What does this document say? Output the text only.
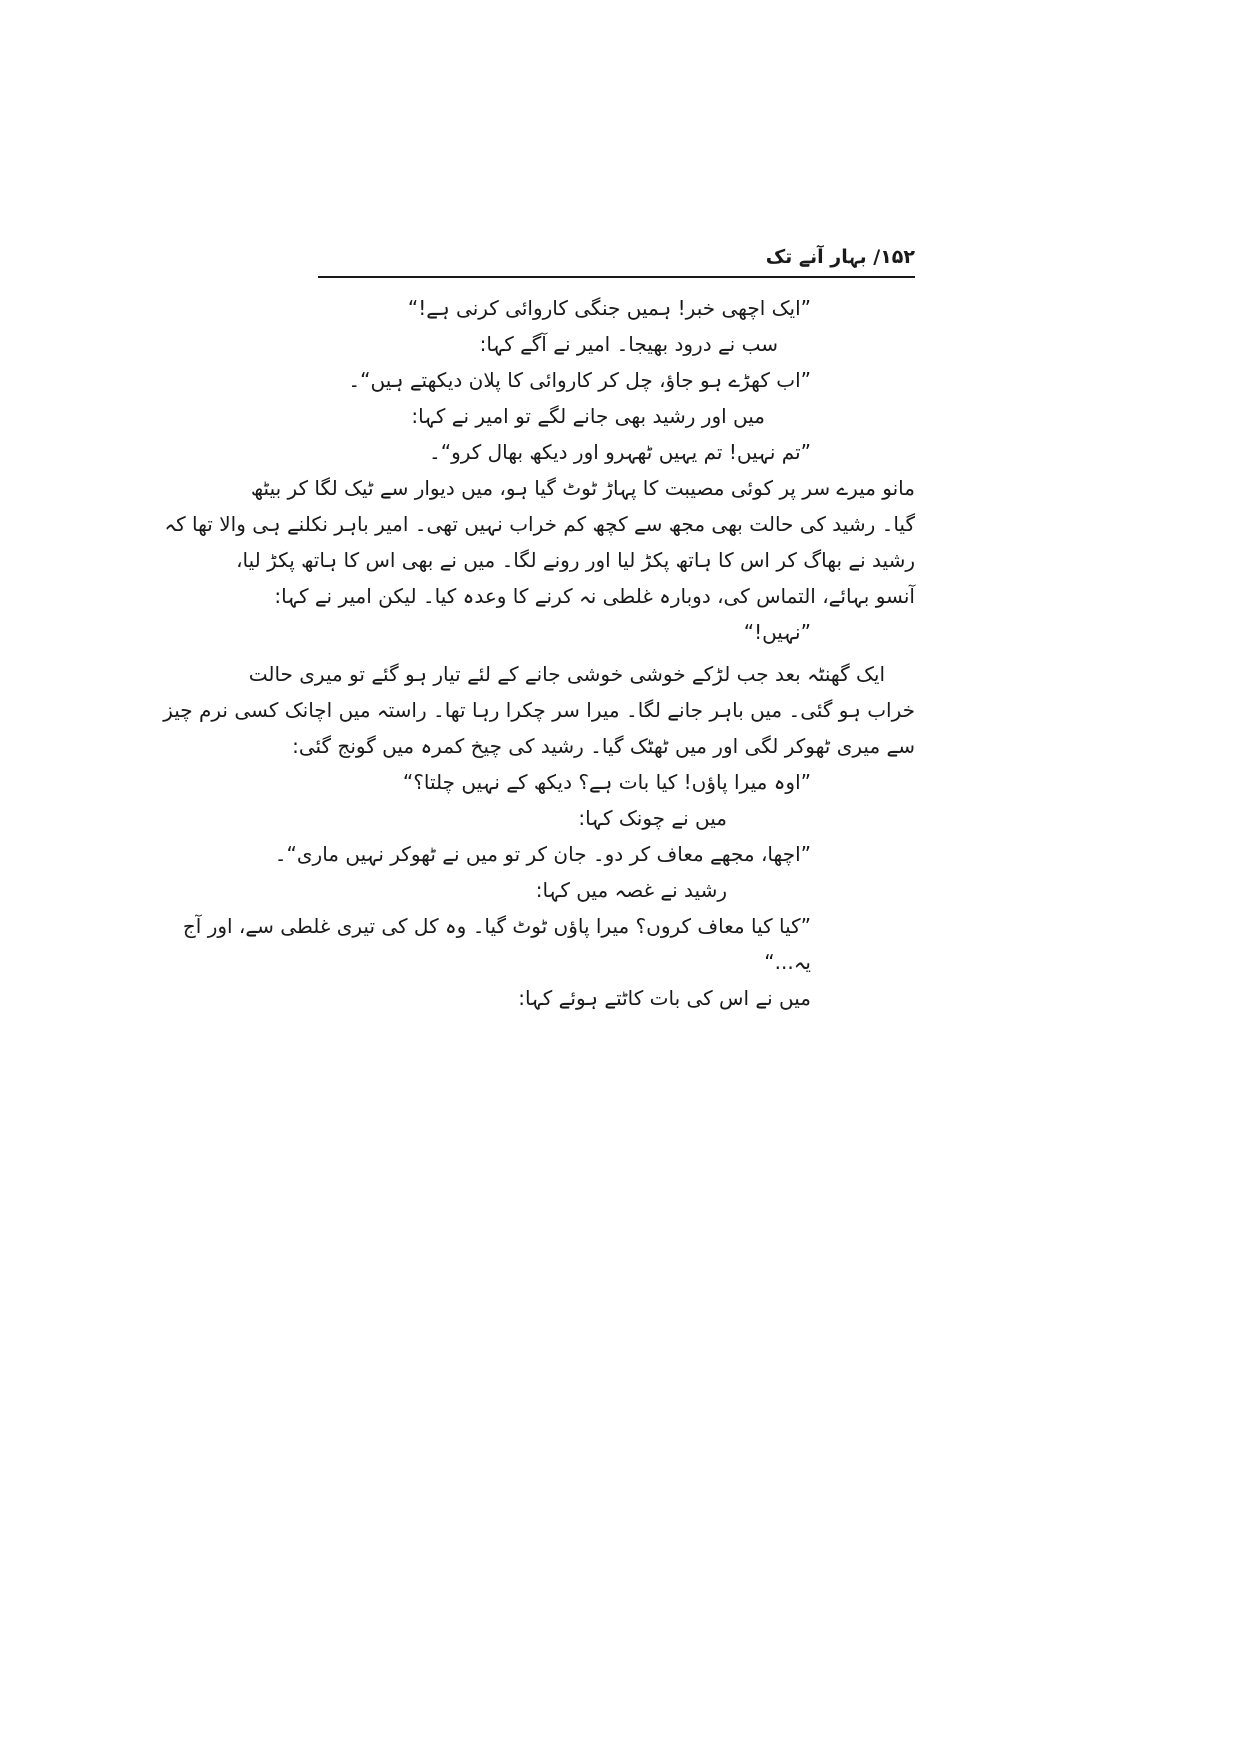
۱۵۲/ بہار آنے تک
”ایک اچھی خبر! ہمیں جنگی کاروائی کرنی ہے!“
سب نے درود بھیجا۔ امیر نے آگے کہا:
”اب کھڑے ہو جاؤ، چل کر کاروائی کا پلان دیکھتے ہیں“۔
میں اور رشید بھی جانے لگے تو امیر نے کہا:
”تم نہیں! تم یہیں ٹھہرو اور دیکھ بھال کرو“۔
مانو میرے سر پر کوئی مصیبت کا پہاڑ ٹوٹ گیا ہو، میں دیوار سے ٹیک لگا کر بیٹھ
گیا۔ رشید کی حالت بھی مجھ سے کچھ کم خراب نہیں تھی۔ امیر باہر نکلنے ہی والا تھا کہ
رشید نے بھاگ کر اس کا ہاتھ پکڑ لیا اور رونے لگا۔ میں نے بھی اس کا ہاتھ پکڑ لیا،
آنسو بہائے، التماس کی، دوبارہ غلطی نہ کرنے کا وعدہ کیا۔ لیکن امیر نے کہا:
”نہیں!“
ایک گھنٹہ بعد جب لڑکے خوشی خوشی جانے کے لئے تیار ہو گئے تو میری حالت
خراب ہو گئی۔ میں باہر جانے لگا۔ میرا سر چکرا رہا تھا۔ راستہ میں اچانک کسی نرم چیز
سے میری ٹھوکر لگی اور میں ٹھٹک گیا۔ رشید کی چیخ کمرہ میں گونج گئی:
”اوہ میرا پاؤں! کیا بات ہے؟ دیکھ کے نہیں چلتا؟“
میں نے چونک کہا:
”اچھا، مجھے معاف کر دو۔ جان کر تو میں نے ٹھوکر نہیں ماری“۔
رشید نے غصہ میں کہا:
”کیا کیا معاف کروں؟ میرا پاؤں ٹوٹ گیا۔ وہ کل کی تیری غلطی سے، اور آج
یہ...“
میں نے اس کی بات کاٹتے ہوئے کہا:
